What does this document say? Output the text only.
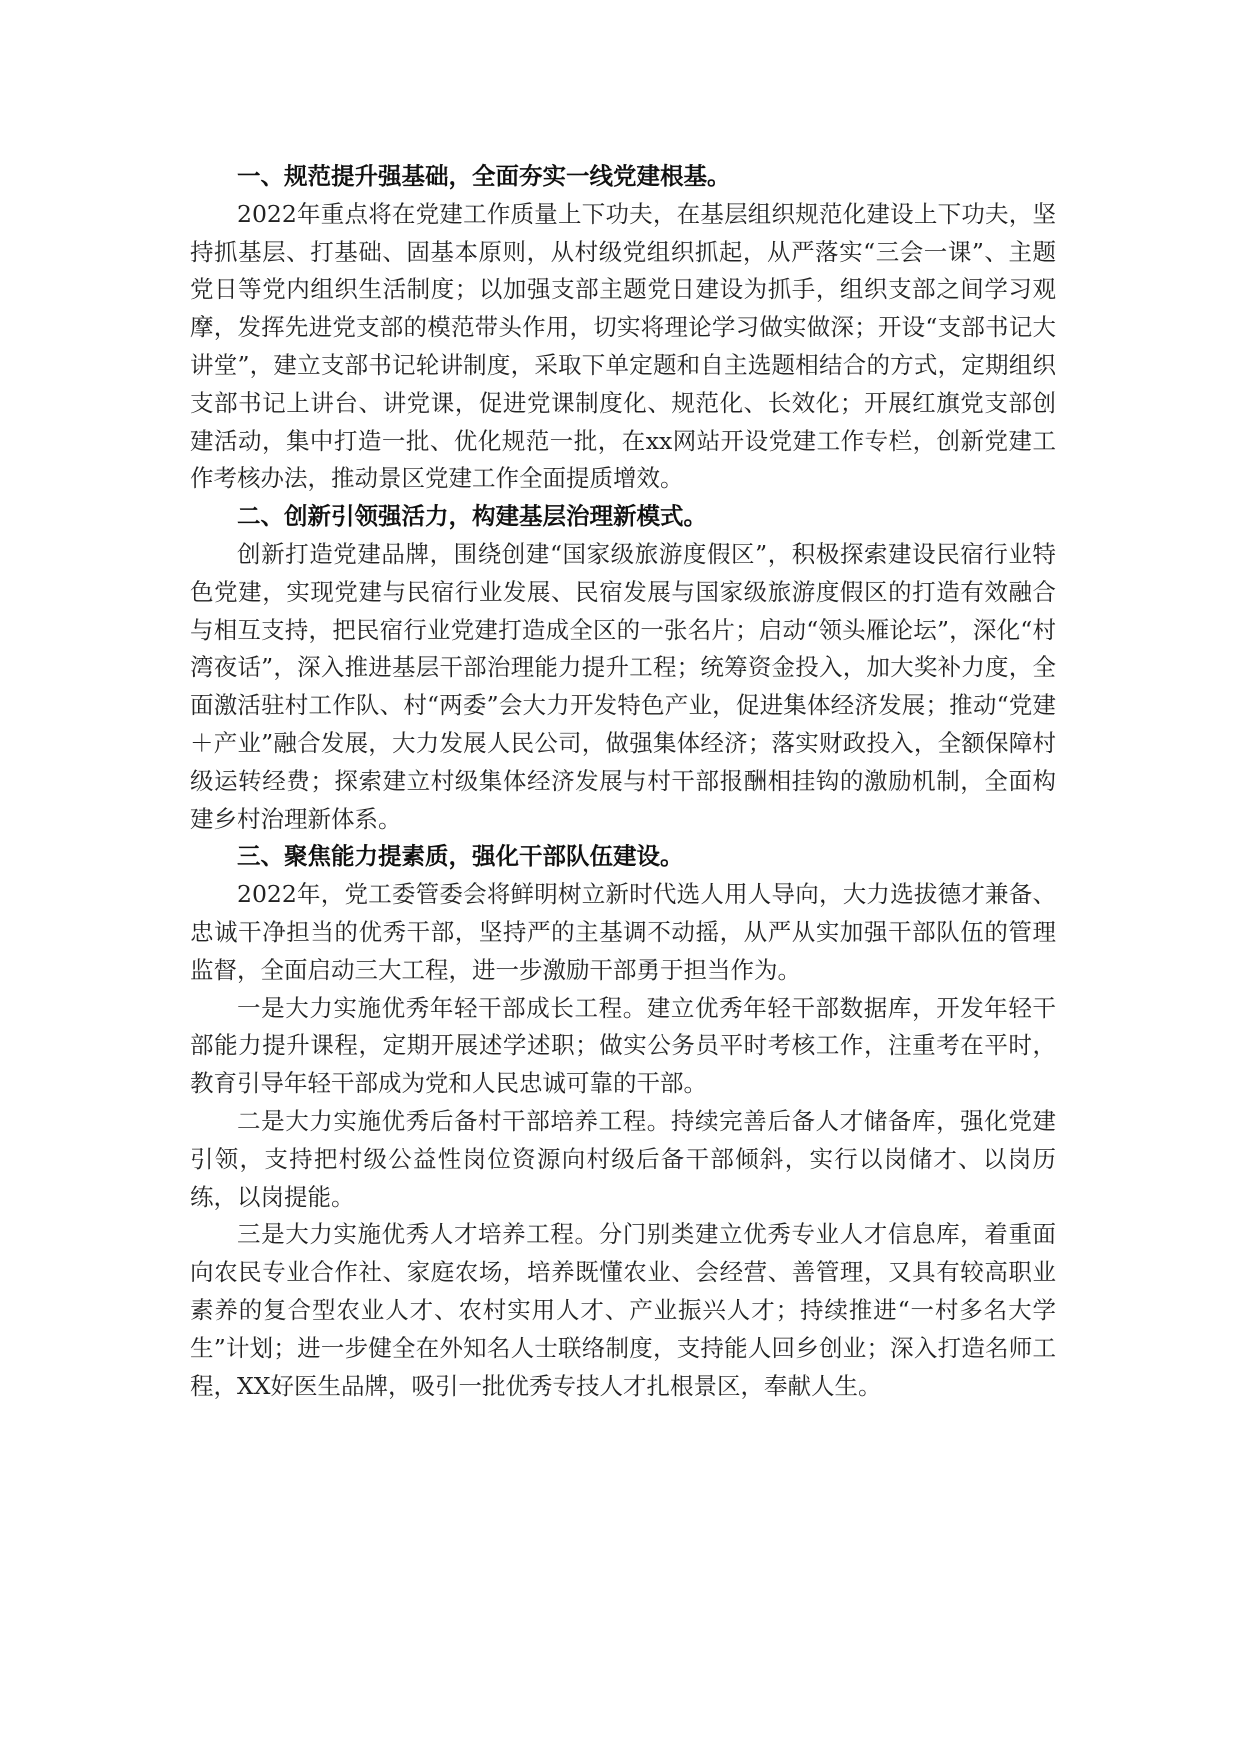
一、规范提升强基础，全面夯实一线党建根基。

2022年重点将在党建工作质量上下功夫，在基层组织规范化建设上下功夫，坚持抓基层、打基础、固基本原则，从村级党组织抓起，从严落实“三会一课”、主题党日等党内组织生活制度；以加强支部主题党日建设为抓手，组织支部之间学习观摩，发挥先进党支部的模范带头作用，切实将理论学习做实做深；开设“支部书记大讲堂”，建立支部书记轮讲制度，采取下单定题和自主选题相结合的方式，定期组织支部书记上讲台、讲党课，促进党课制度化、规范化、长效化；开展红旗党支部创建活动，集中打造一批、优化规范一批，在xx网站开设党建工作专栏，创新党建工作考核办法，推动景区党建工作全面提质增效。

二、创新引领强活力，构建基层治理新模式。

创新打造党建品牌，围绕创建“国家级旅游度假区”，积极探索建设民宿行业特色党建，实现党建与民宿行业发展、民宿发展与国家级旅游度假区的打造有效融合与相互支持，把民宿行业党建打造成全区的一张名片；启动“领头雁论坛”，深化“村湾夜话”，深入推进基层干部治理能力提升工程；统筹资金投入，加大奖补力度，全面激活驻村工作队、村“两委”会大力开发特色产业，促进集体经济发展；推动“党建＋产业”融合发展，大力发展人民公司，做强集体经济；落实财政投入，全额保障村级运转经费；探索建立村级集体经济发展与村干部报酬相挂钩的激励机制，全面构建乡村治理新体系。

三、聚焦能力提素质，强化干部队伍建设。

2022年，党工委管委会将鲜明树立新时代选人用人导向，大力选拔德才兼备、忠诚干净担当的优秀干部，坚持严的主基调不动摇，从严从实加强干部队伍的管理监督，全面启动三大工程，进一步激励干部勇于担当作为。

一是大力实施优秀年轻干部成长工程。建立优秀年轻干部数据库，开发年轻干部能力提升课程，定期开展述学述职；做实公务员平时考核工作，注重考在平时，教育引导年轻干部成为党和人民忠诚可靠的干部。

二是大力实施优秀后备村干部培养工程。持续完善后备人才储备库，强化党建引领，支持把村级公益性岗位资源向村级后备干部倾斜，实行以岗储才、以岗历练，以岗提能。

三是大力实施优秀人才培养工程。分门别类建立优秀专业人才信息库，着重面向农民专业合作社、家庭农场，培养既懂农业、会经营、善管理，又具有较高职业素养的复合型农业人才、农村实用人才、产业振兴人才；持续推进“一村多名大学生”计划；进一步健全在外知名人士联络制度，支持能人回乡创业；深入打造名师工程，XX好医生品牌，吸引一批优秀专技人才扎根景区，奉献人生。
